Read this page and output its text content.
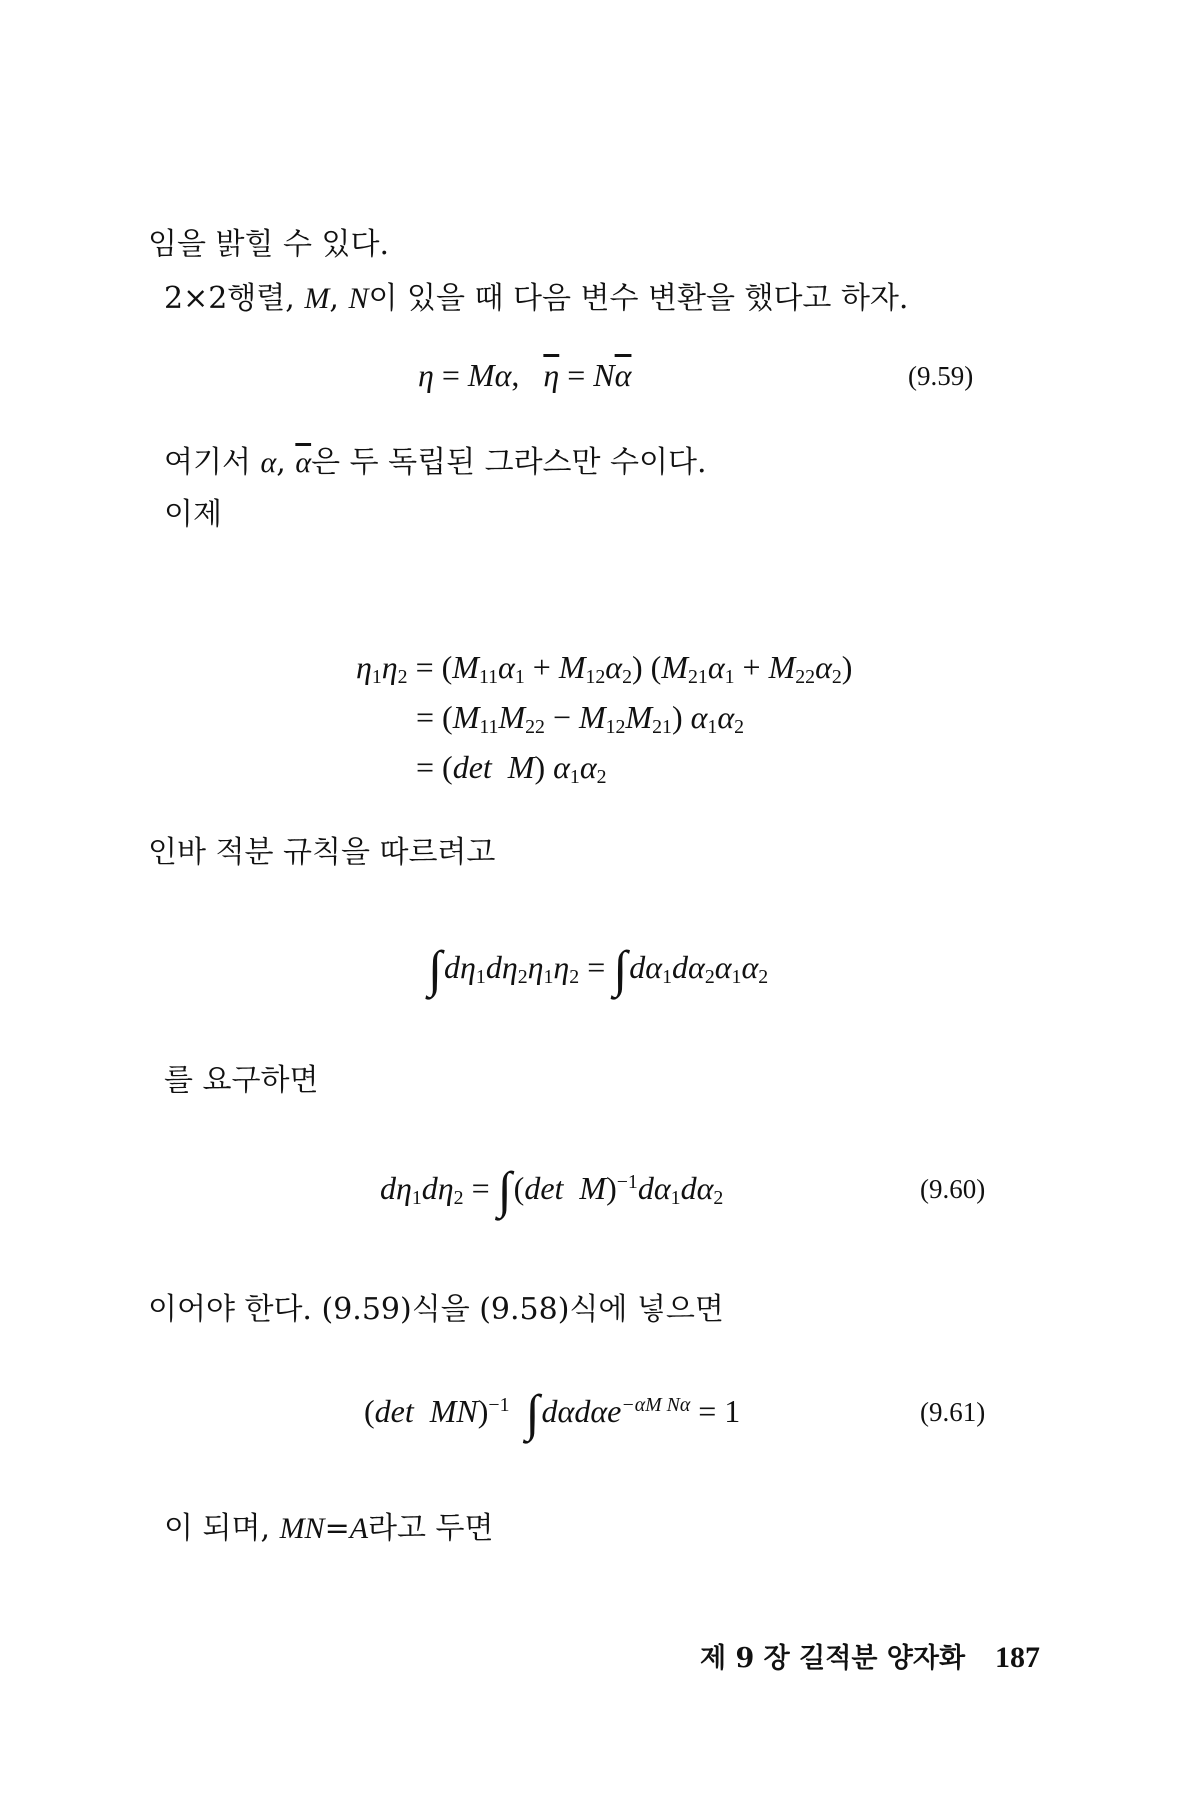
임을 밝힐 수 있다.
2×2행렬, M, N이 있을 때 다음 변수 변환을 했다고 하자.
η = Mα, $\overline{\eta} = N\overline{\alpha}$	(9.59)
여기서 α, $\overline{\alpha}$은 두 독립된 그라스만 수이다.
이제
$\eta_1\eta_2 = (M_{11}\alpha_1 + M_{12}\alpha_2) (M_{21}\alpha_1 + M_{22}\alpha_2)$
= $(M_{11}M_{22} - M_{12}M_{21})$ $\alpha_1\alpha_2$
= (det  M) $\alpha_1\alpha_2$
인바 적분 규칙을 따르려고
$\int d\eta_1d\eta_2\eta_1\eta_2 = \int d\alpha_1d\alpha_2\alpha_1\alpha_2$
를 요구하면
$d\eta_1d\eta_2 = \int(\det$  $M)^{-1}d\alpha_1d\alpha_2$	(9.60)
이어야 한다. (9.59)식을 (9.58)식에 넣으면
(det  MN)$^{-1}$ ∫dαdαe$^{-\alpha M N\alpha}$ = 1	(9.61)
이 되며, MN=A라고 두면
제 9 장 길적분 양자화 187
